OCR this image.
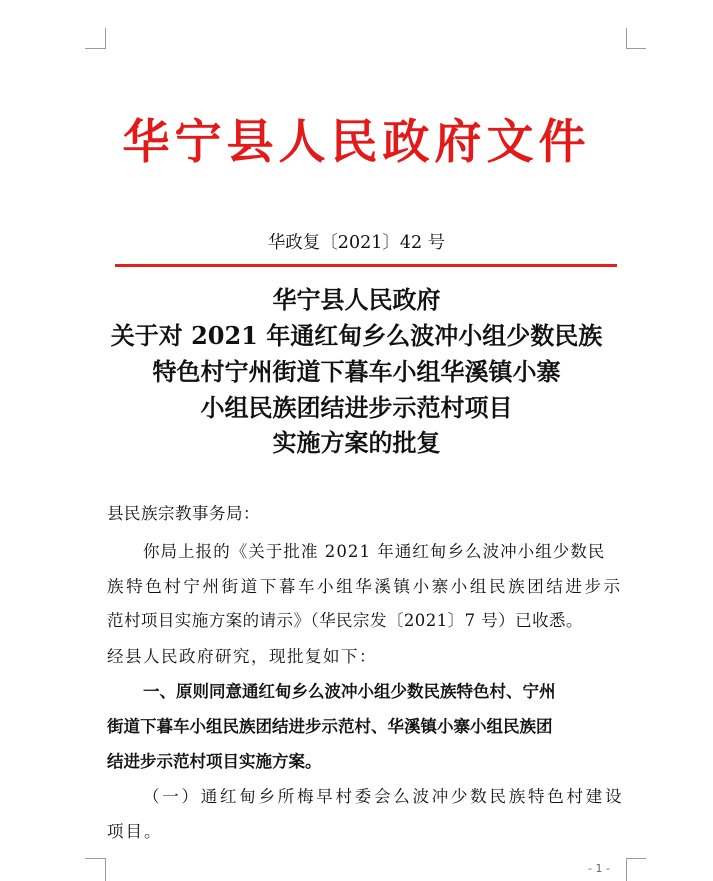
华宁县人民政府文件
华政复〔2021〕42 号
华宁县人民政府
关于对 2021 年通红甸乡么波冲小组少数民族
特色村宁州街道下暮车小组华溪镇小寨
小组民族团结进步示范村项目
实施方案的批复
县民族宗教事务局：
你局上报的《关于批准 2021 年通红甸乡么波冲小组少数民
族特色村宁州街道下暮车小组华溪镇小寨小组民族团结进步示
范村项目实施方案的请示》（华民宗发〔2021〕7 号）已收悉。
经县人民政府研究，现批复如下：
一、原则同意通红甸乡么波冲小组少数民族特色村、宁州
街道下暮车小组民族团结进步示范村、华溪镇小寨小组民族团
结进步示范村项目实施方案。
（一）通红甸乡所梅早村委会么波冲少数民族特色村建设
项目。
- 1 -
